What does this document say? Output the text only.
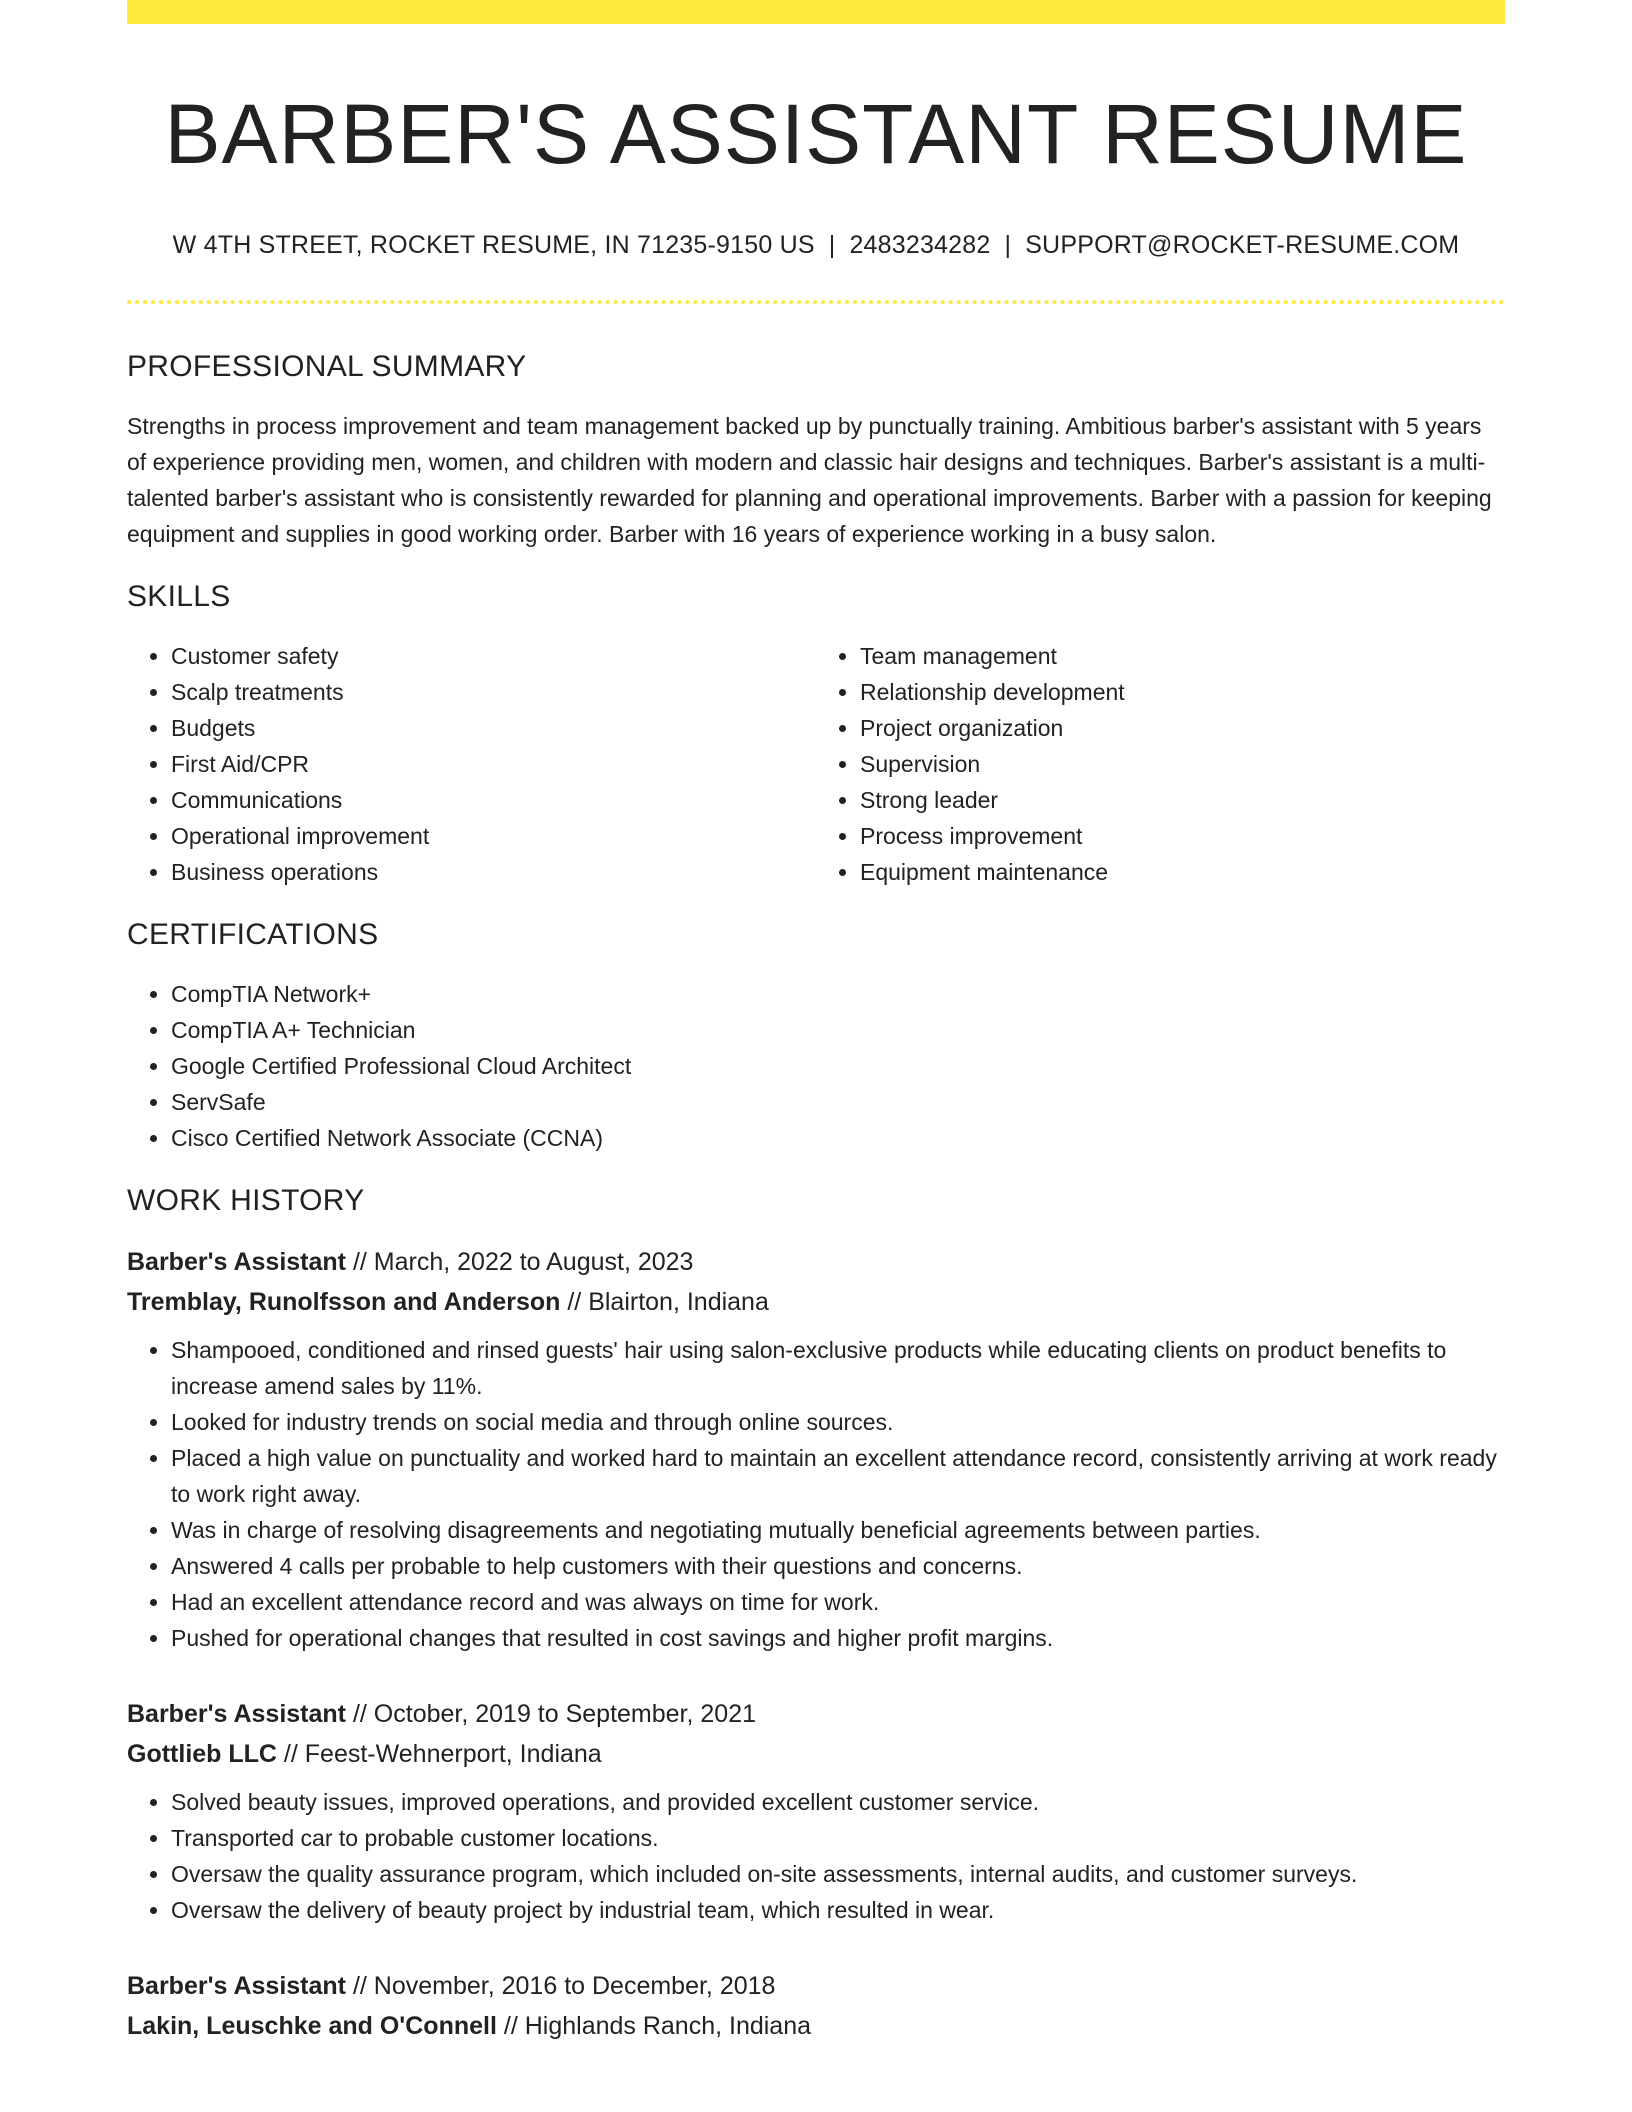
BARBER'S ASSISTANT RESUME
W 4TH STREET, ROCKET RESUME, IN 71235-9150 US | 2483234282 | SUPPORT@ROCKET-RESUME.COM
PROFESSIONAL SUMMARY
Strengths in process improvement and team management backed up by punctually training. Ambitious barber's assistant with 5 years of experience providing men, women, and children with modern and classic hair designs and techniques. Barber's assistant is a multi-talented barber's assistant who is consistently rewarded for planning and operational improvements. Barber with a passion for keeping equipment and supplies in good working order. Barber with 16 years of experience working in a busy salon.
SKILLS
• Customer safety
• Scalp treatments
• Budgets
• First Aid/CPR
• Communications
• Operational improvement
• Business operations
• Team management
• Relationship development
• Project organization
• Supervision
• Strong leader
• Process improvement
• Equipment maintenance
CERTIFICATIONS
• CompTIA Network+
• CompTIA A+ Technician
• Google Certified Professional Cloud Architect
• ServSafe
• Cisco Certified Network Associate (CCNA)
WORK HISTORY
Barber's Assistant // March, 2022 to August, 2023
Tremblay, Runolfsson and Anderson // Blairton, Indiana
• Shampooed, conditioned and rinsed guests' hair using salon-exclusive products while educating clients on product benefits to increase amend sales by 11%.
• Looked for industry trends on social media and through online sources.
• Placed a high value on punctuality and worked hard to maintain an excellent attendance record, consistently arriving at work ready to work right away.
• Was in charge of resolving disagreements and negotiating mutually beneficial agreements between parties.
• Answered 4 calls per probable to help customers with their questions and concerns.
• Had an excellent attendance record and was always on time for work.
• Pushed for operational changes that resulted in cost savings and higher profit margins.
Barber's Assistant // October, 2019 to September, 2021
Gottlieb LLC // Feest-Wehnerport, Indiana
• Solved beauty issues, improved operations, and provided excellent customer service.
• Transported car to probable customer locations.
• Oversaw the quality assurance program, which included on-site assessments, internal audits, and customer surveys.
• Oversaw the delivery of beauty project by industrial team, which resulted in wear.
Barber's Assistant // November, 2016 to December, 2018
Lakin, Leuschke and O'Connell // Highlands Ranch, Indiana
